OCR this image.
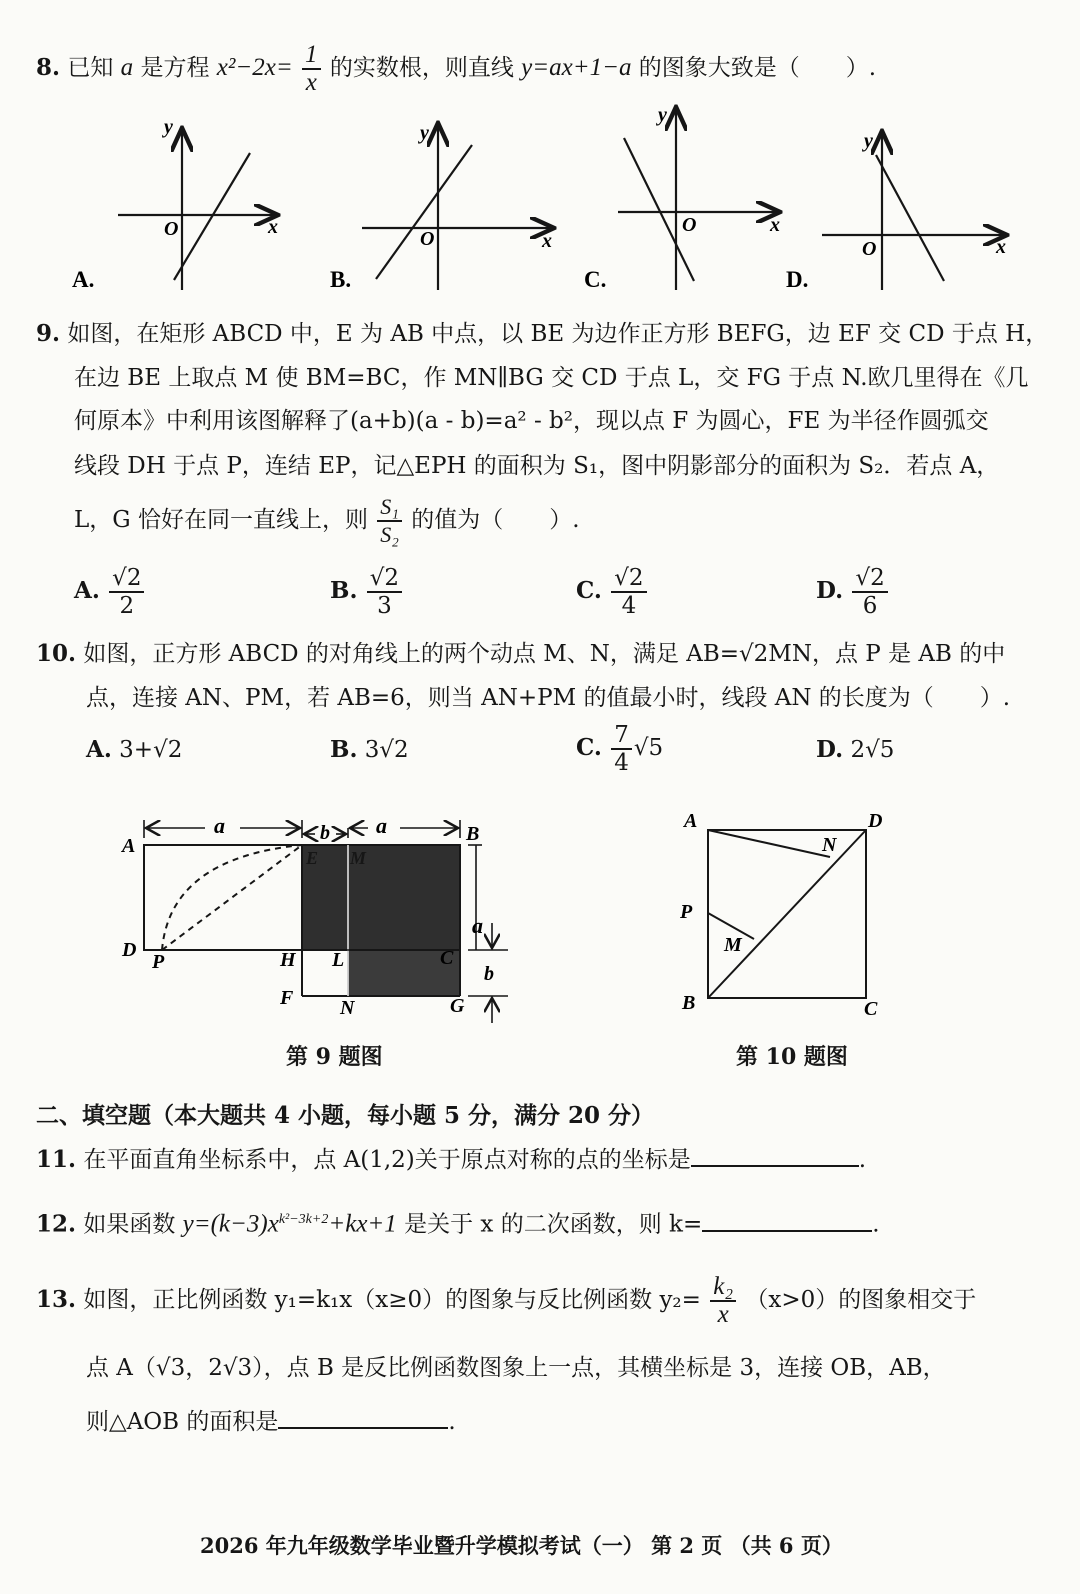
8. 已知 a 是方程 $x^2-2x= \frac{1}{x}$ 的实数根，则直线 y=ax+1−a 的图象大致是（　　）.
O	x
y
A.
O	x
y
B.
O	x
y
C.
O	x
y
D.
9. 如图，在矩形 ABCD 中，E 为 AB 中点，以 BE 为边作正方形 BEFG，边 EF 交 CD 于点 H，
在边 BE 上取点 M 使 BM=BC，作 MN∥BG 交 CD 于点 L，交 FG 于点 N.欧几里得在《几
何原本》中利用该图解释了(a+b)(a - b)=a² - b²，现以点 F 为圆心，FE 为半径作圆弧交
线段 DH 于点 P，连结 EP，记△EPH 的面积为 S₁，图中阴影部分的面积为 S₂．若点 A，
L，G 恰好在同一直线上，则 $\frac{\text{S₁}}{\text{S₂}}$ 的值为（　　）.
A. $\frac{√2}{2}$	B. $\frac{√2}{3}$	C. $\frac{√2}{4}$	D. $\frac{√2}{6}$
10. 如图，正方形 ABCD 的对角线上的两个动点 M、N，满足 AB=√2MN，点 P 是 AB 的中
点，连接 AN、PM，若 AB=6，则当 AN+PM 的值最小时，线段 AN 的长度为（　　）.
A. 3+√2	B. 3√2	C. $\frac{7}{4} √5$	D. 2√5
a	b a
a
b
A
B
C
D
E M
F	G
H L
N
P
第 9 题图
A	D
B	C
N
M
P
第 10 题图
二、填空题（本大题共 4 小题，每小题 5 分，满分 20 分）
11. 在平面直角坐标系中，点 A(1,2)关于原点对称的点的坐标是	.
12. 如果函数 $y=(k-3)x^{k^2-3k+2}+kx+1$ 是关于 x 的二次函数，则 k=	.
13. 如图，正比例函数 y₁=k₁x（x≥0）的图象与反比例函数 $y_2= \frac{\text{k₂}}{x} (x>0)$的图象相交于
点 A（√3，2√3），点 B 是反比例函数图象上一点，其横坐标是 3，连接 OB，AB，
则△AOB 的面积是	.
2026 年九年级数学毕业暨升学模拟考试（一） 第 2 页 （共 6 页）
